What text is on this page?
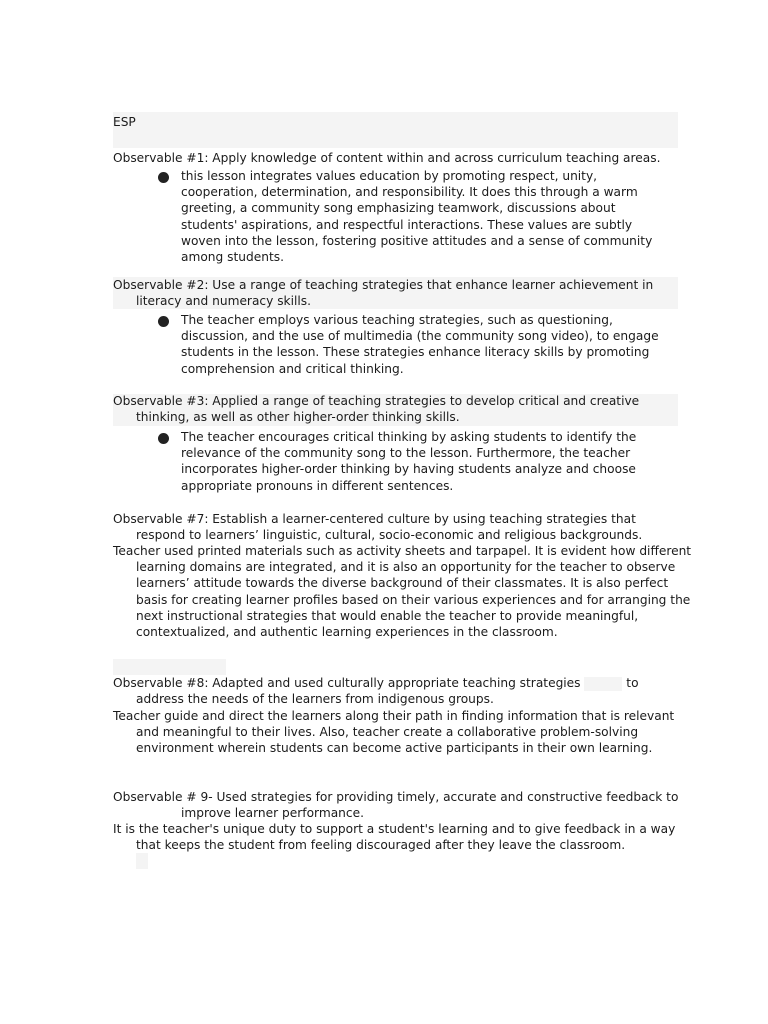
ESP
Observable #1: Apply knowledge of content within and across curriculum teaching areas.
this lesson integrates values education by promoting respect, unity, cooperation, determination, and responsibility. It does this through a warm greeting, a community song emphasizing teamwork, discussions about students' aspirations, and respectful interactions. These values are subtly woven into the lesson, fostering positive attitudes and a sense of community among students.
Observable #2: Use a range of teaching strategies that enhance learner achievement in literacy and numeracy skills.
The teacher employs various teaching strategies, such as questioning, discussion, and the use of multimedia (the community song video), to engage students in the lesson. These strategies enhance literacy skills by promoting comprehension and critical thinking.
Observable #3: Applied a range of teaching strategies to develop critical and creative thinking, as well as other higher-order thinking skills.
The teacher encourages critical thinking by asking students to identify the relevance of the community song to the lesson. Furthermore, the teacher incorporates higher-order thinking by having students analyze and choose appropriate pronouns in different sentences.
Observable #7: Establish a learner-centered culture by using teaching strategies that respond to learners’ linguistic, cultural, socio-economic and religious backgrounds.
Teacher used printed materials such as activity sheets and tarpapel. It is evident how different learning domains are integrated, and it is also an opportunity for the teacher to observe learners’ attitude towards the diverse background of their classmates. It is also perfect basis for creating learner profiles based on their various experiences and for arranging the next instructional strategies that would enable the teacher to provide meaningful, contextualized, and authentic learning experiences in the classroom.
Observable #8: Adapted and used culturally appropriate teaching strategies	to address the needs of the learners from indigenous groups.
Teacher guide and direct the learners along their path in finding information that is relevant and meaningful to their lives. Also, teacher create a collaborative problem-solving environment wherein students can become active participants in their own learning.
Observable # 9- Used strategies for providing timely, accurate and constructive feedback to improve learner performance.
It is the teacher's unique duty to support a student's learning and to give feedback in a way that keeps the student from feeling discouraged after they leave the classroom.
